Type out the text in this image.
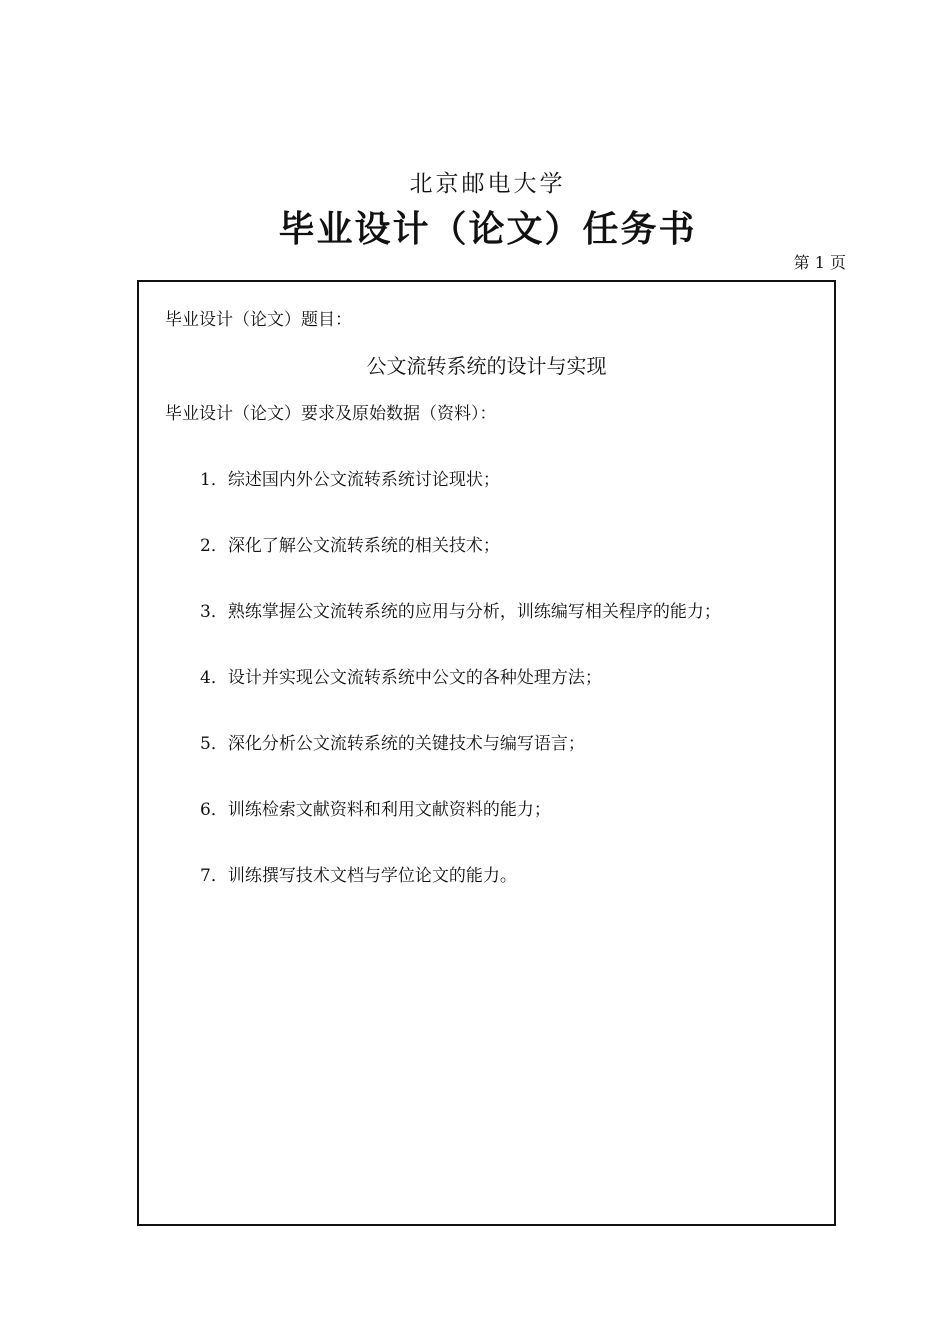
北京邮电大学
毕业设计（论文）任务书
第 1 页
毕业设计（论文）题目：
公文流转系统的设计与实现
毕业设计（论文）要求及原始数据（资料）：
1．综述国内外公文流转系统讨论现状；
2．深化了解公文流转系统的相关技术；
3．熟练掌握公文流转系统的应用与分析，训练编写相关程序的能力；
4．设计并实现公文流转系统中公文的各种处理方法；
5．深化分析公文流转系统的关键技术与编写语言；
6．训练检索文献资料和利用文献资料的能力；
7．训练撰写技术文档与学位论文的能力。
